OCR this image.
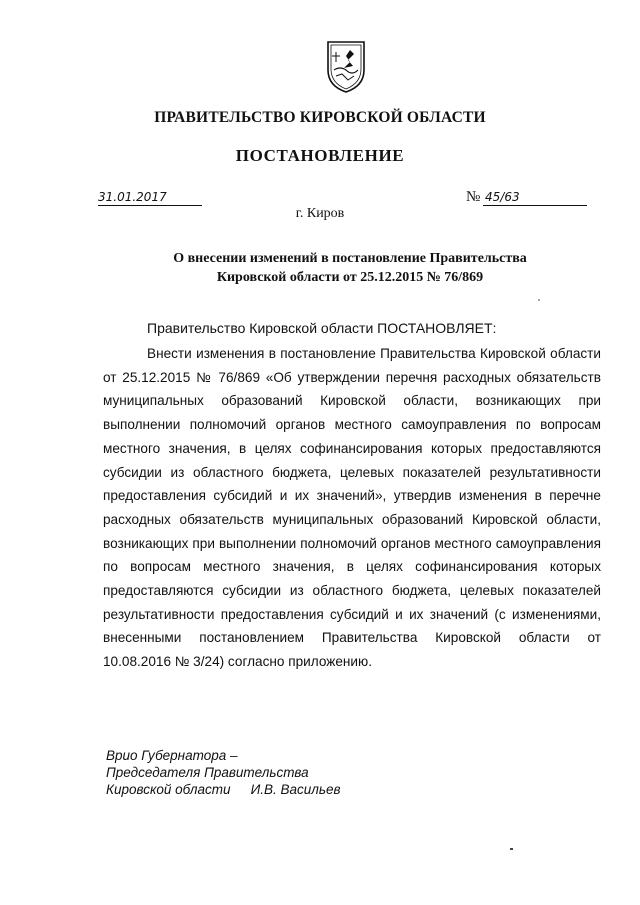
ПРАВИТЕЛЬСТВО КИРОВСКОЙ ОБЛАСТИ
ПОСТАНОВЛЕНИЕ
31.01.2017	№ 45/63
г. Киров
О внесении изменений в постановление Правительства
Кировской области от 25.12.2015 № 76/869
Правительство Кировской области ПОСТАНОВЛЯЕТ:
Внести изменения в постановление Правительства Кировской области от 25.12.2015 № 76/869 «Об утверждении перечня расходных обязательств муниципальных образований Кировской области, возникающих при выполнении полномочий органов местного самоуправления по вопросам местного значения, в целях софинансирования которых предоставляются субсидии из областного бюджета, целевых показателей результативности предоставления субсидий и их значений», утвердив изменения в перечне расходных обязательств муниципальных образований Кировской области, возникающих при выполнении полномочий органов местного самоуправления по вопросам местного значения, в целях софинансирования которых предоставляются субсидии из областного бюджета, целевых показателей результативности предоставления субсидий и их значений (с изменениями, внесенными постановлением Правительства Кировской области от 10.08.2016 № 3/24) согласно приложению.
Врио Губернатора –
Председателя Правительства
Кировской области И.В. Васильев
